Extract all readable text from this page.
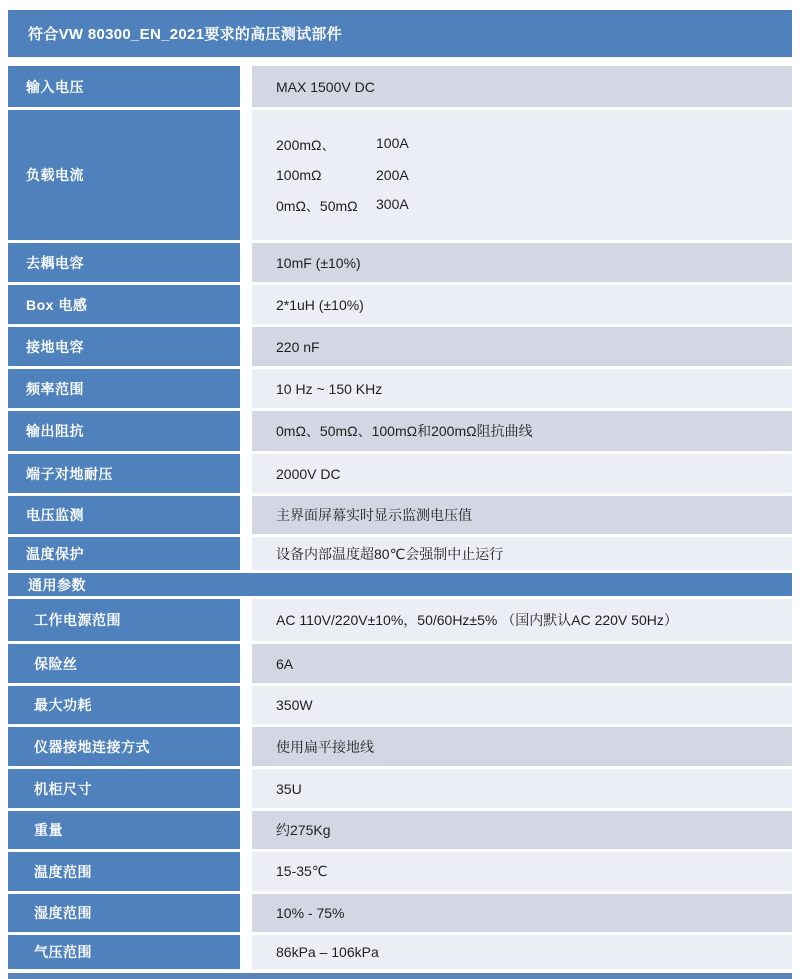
符合VW 80300_EN_2021要求的高压测试部件
输入电压	MAX 1500V DC
负载电流
200mΩ、	100A
100mΩ	200A
0mΩ、50mΩ	300A
去耦电容	10mF (±10%)
Box 电感	2*1uH (±10%)
接地电容	220 nF
频率范围	10 Hz ~ 150 KHz
输出阻抗	0mΩ、50mΩ、100mΩ和200mΩ阻抗曲线
端子对地耐压	2000V DC
电压监测	主界面屏幕实时显示监测电压值
温度保护	设备内部温度超80℃会强制中止运行
通用参数
工作电源范围	AC 110V/220V±10%，50/60Hz±5% （国内默认AC 220V 50Hz）
保险丝	6A
最大功耗	350W
仪器接地连接方式	使用扁平接地线
机柜尺寸	35U
重量	约275Kg
温度范围	15-35℃
湿度范围	10% - 75%
气压范围	86kPa – 106kPa
